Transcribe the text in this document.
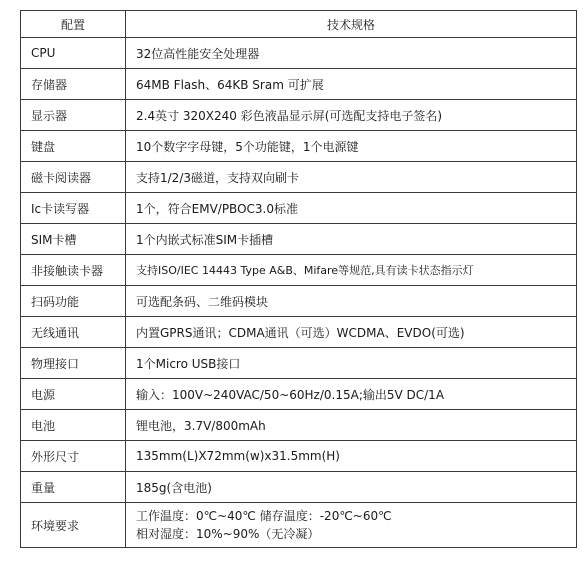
配置	技术规格
CPU	32位高性能安全处理器
存储器	64MB Flash、64KB Sram 可扩展
显示器	2.4英寸 320X240 彩色液晶显示屏(可选配支持电子签名)
键盘	10个数字字母键，5个功能键，1个电源键
磁卡阅读器	支持1/2/3磁道，支持双向刷卡
Ic卡读写器	1个，符合EMV/PBOC3.0标准
SIM卡槽	1个内嵌式标准SIM卡插槽
非接触读卡器	支持ISO/IEC 14443 Type A&B、Mifare等规范,具有读卡状态指示灯
扫码功能	可选配条码、二维码模块
无线通讯	内置GPRS通讯；CDMA通讯（可选）WCDMA、EVDO(可选)
物理接口	1个Micro USB接口
电源	输入：100V~240VAC/50~60Hz/0.15A;输出5V DC/1A
电池	锂电池，3.7V/800mAh
外形尺寸	135mm(L)X72mm(w)x31.5mm(H)
重量	185g(含电池)
环境要求	工作温度：0℃~40℃ 储存温度：-20℃~60℃
相对湿度：10%~90%（无冷凝）
